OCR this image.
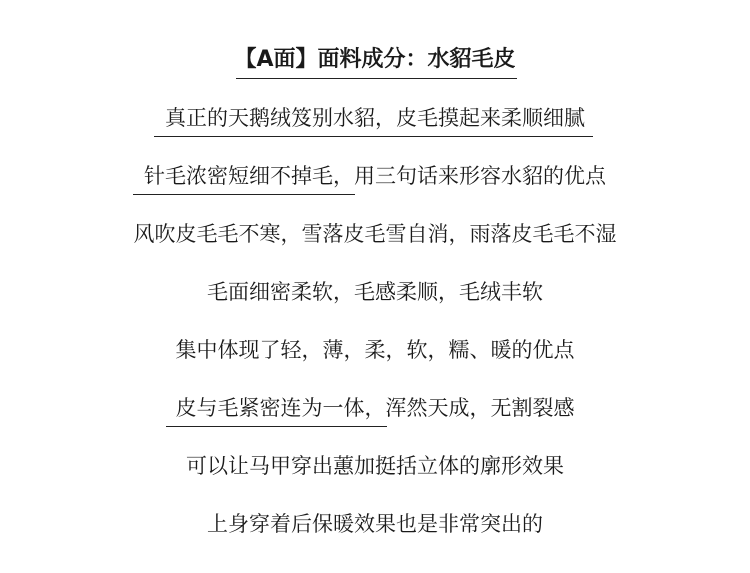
【A面】面料成分：水貂毛皮
真正的天鹅绒笈别水貂，皮毛摸起来柔顺细腻
针毛浓密短细不掉毛，用三句话来形容水貂的优点
风吹皮毛毛不寒，雪落皮毛雪自消，雨落皮毛毛不湿
毛面细密柔软，毛感柔顺，毛绒丰软
集中体现了轻，薄，柔，软，糯、暖的优点
皮与毛紧密连为一体，浑然天成，无割裂感
可以让马甲穿出蕙加挺括立体的廓形效果
上身穿着后保暖效果也是非常突出的
